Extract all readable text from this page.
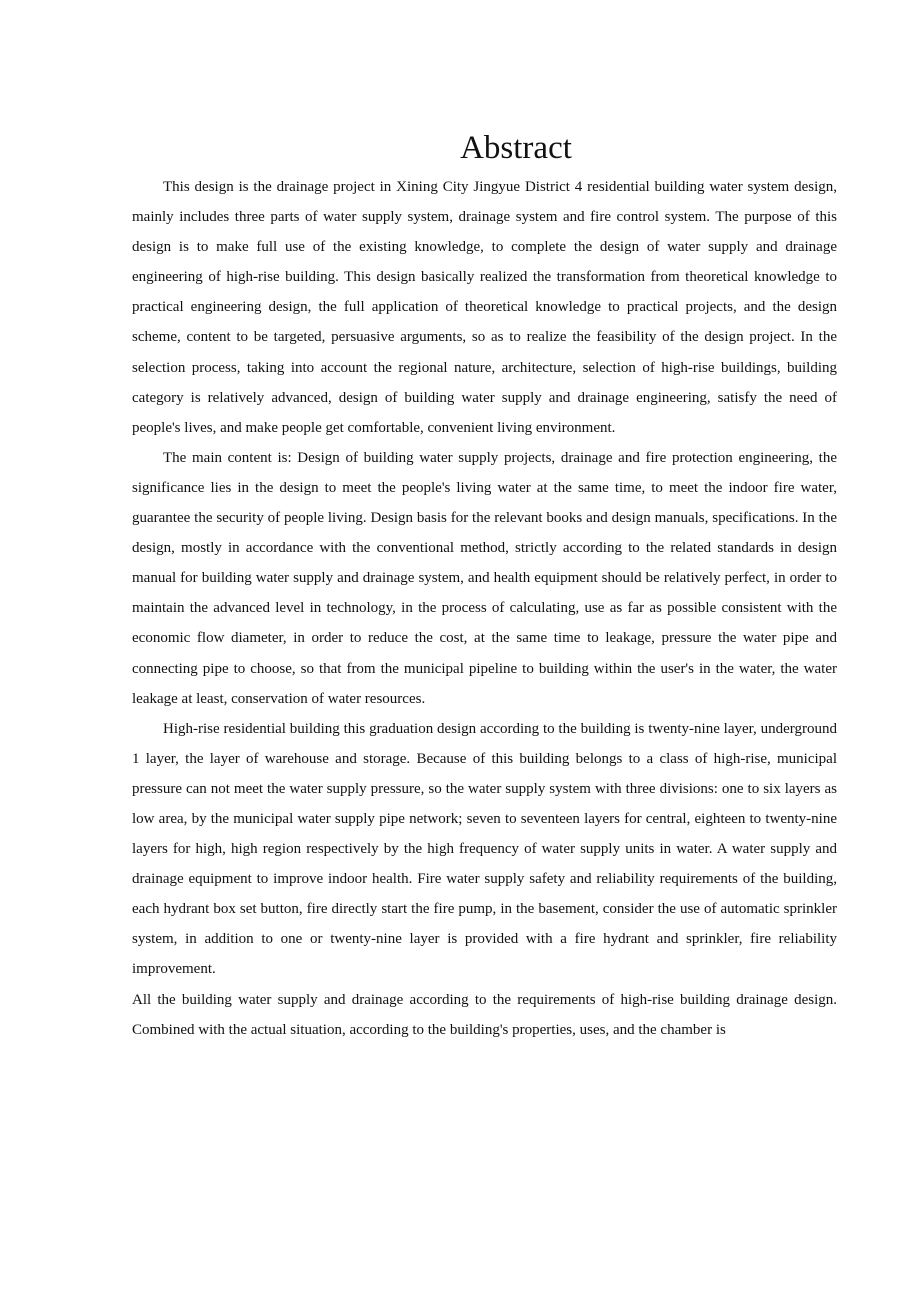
Abstract

This design is the drainage project in Xining City Jingyue District 4 residential building water system design, mainly includes three parts of water supply system, drainage system and fire control system. The purpose of this design is to make full use of the existing knowledge, to complete the design of water supply and drainage engineering of high-rise building. This design basically realized the transformation from theoretical knowledge to practical engineering design, the full application of theoretical knowledge to practical projects, and the design scheme, content to be targeted, persuasive arguments, so as to realize the feasibility of the design project. In the selection process, taking into account the regional nature, architecture, selection of high-rise buildings, building category is relatively advanced, design of building water supply and drainage engineering, satisfy the need of people's lives, and make people get comfortable, convenient living environment.

The main content is: Design of building water supply projects, drainage and fire protection engineering, the significance lies in the design to meet the people's living water at the same time, to meet the indoor fire water, guarantee the security of people living. Design basis for the relevant books and design manuals, specifications. In the design, mostly in accordance with the conventional method, strictly according to the related standards in design manual for building water supply and drainage system, and health equipment should be relatively perfect, in order to maintain the advanced level in technology, in the process of calculating, use as far as possible consistent with the economic flow diameter, in order to reduce the cost, at the same time to leakage, pressure the water pipe and connecting pipe to choose, so that from the municipal pipeline to building within the user's in the water, the water leakage at least, conservation of water resources.

High-rise residential building this graduation design according to the building is twenty-nine layer, underground 1 layer, the layer of warehouse and storage. Because of this building belongs to a class of high-rise, municipal pressure can not meet the water supply pressure, so the water supply system with three divisions: one to six layers as low area, by the municipal water supply pipe network; seven to seventeen layers for central, eighteen to twenty-nine layers for high, high region respectively by the high frequency of water supply units in water. A water supply and drainage equipment to improve indoor health. Fire water supply safety and reliability requirements of the building, each hydrant box set button, fire directly start the fire pump, in the basement, consider the use of automatic sprinkler system, in addition to one or twenty-nine layer is provided with a fire hydrant and sprinkler, fire reliability improvement.

All the building water supply and drainage according to the requirements of high-rise building drainage design. Combined with the actual situation, according to the building's properties, uses, and the chamber is
